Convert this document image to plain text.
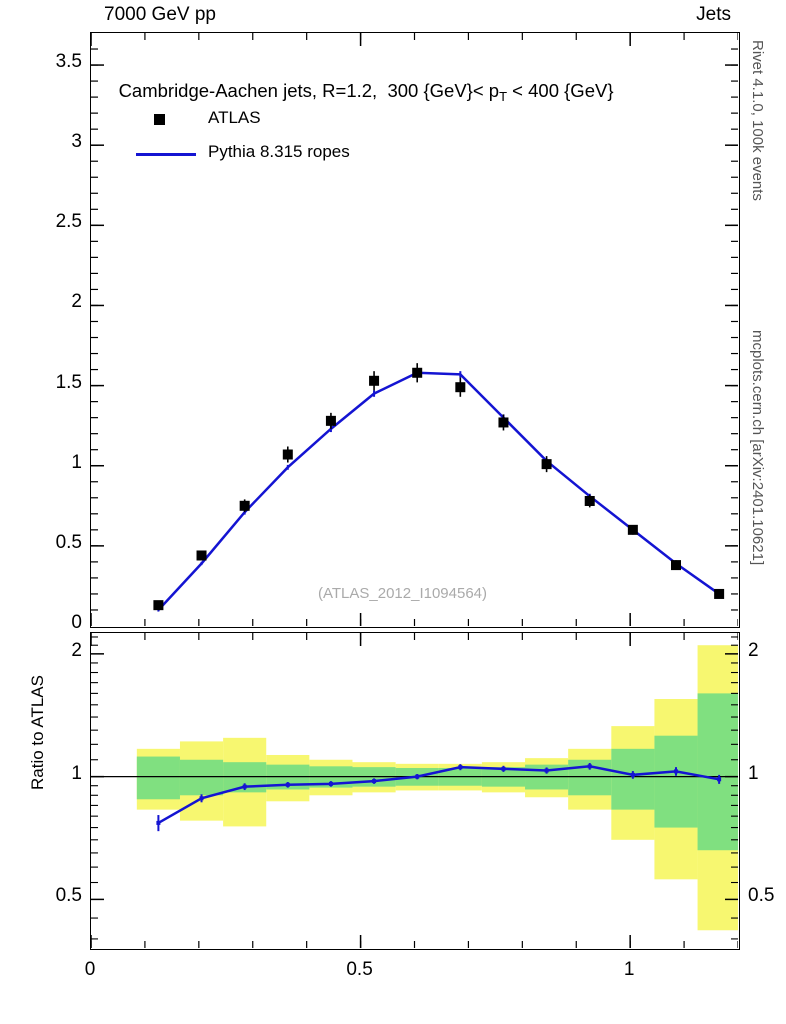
7000 GeV pp	Jets
Rivet 4.1.0, 100k events
mcplots.cern.ch [arXiv:2401.10621]
0
0.5
1
1.5
2
2.5
3
3.5

Cambridge-Aachen jets, R=1.2,  300 $\{GeV\}< p_T < 400$ {GeV}

ATLAS
Pythia 8.315 ropes
(ATLAS_2012_I1094564)
0.5
1
2
0.5
1
2
0	0.5	1
Ratio to ATLAS
